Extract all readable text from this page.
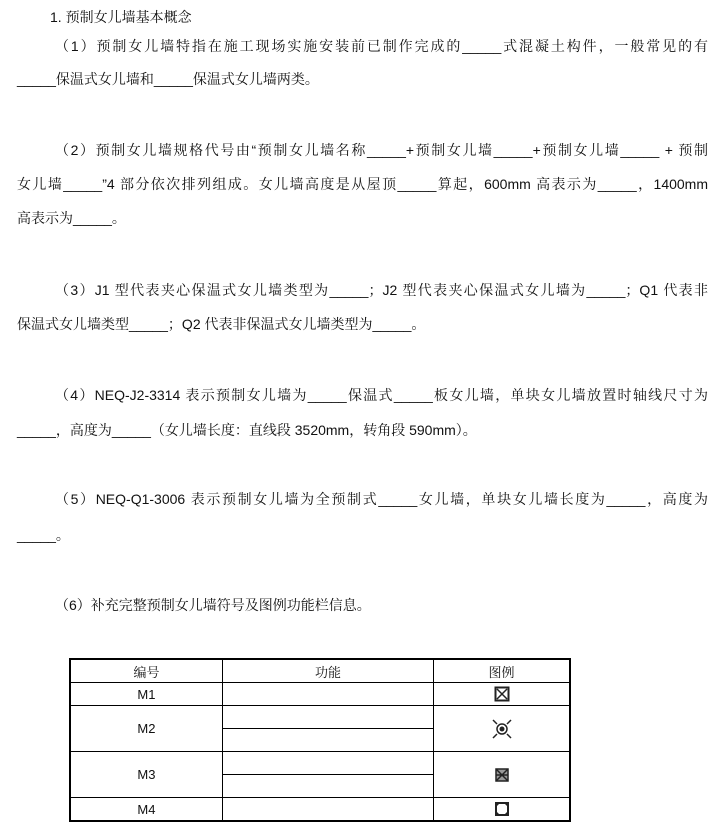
1. 预制女儿墙基本概念
（1）预制女儿墙特指在施工现场实施安装前已制作完成的_____式混凝土构件，一般常见的有
_____保温式女儿墙和_____保温式女儿墙两类。
（2）预制女儿墙规格代号由“预制女儿墙名称_____+预制女儿墙_____+预制女儿墙_____ + 预制
女儿墙_____”4 部分依次排列组成。女儿墙高度是从屋顶_____算起，600mm 高表示为_____，1400mm
高表示为_____。
（3）J1 型代表夹心保温式女儿墙类型为_____；J2 型代表夹心保温式女儿墙为_____；Q1 代表非
保温式女儿墙类型_____；Q2 代表非保温式女儿墙类型为_____。
（4）NEQ-J2-3314 表示预制女儿墙为_____保温式_____板女儿墙，单块女儿墙放置时轴线尺寸为
_____，高度为_____（女儿墙长度：直线段 3520mm，转角段 590mm）。
（5）NEQ-Q1-3006 表示预制女儿墙为全预制式_____女儿墙，单块女儿墙长度为_____，高度为
_____。
（6）补充完整预制女儿墙符号及图例功能栏信息。
编号	功能	图例
M1		
M2		

M3		

M4		
